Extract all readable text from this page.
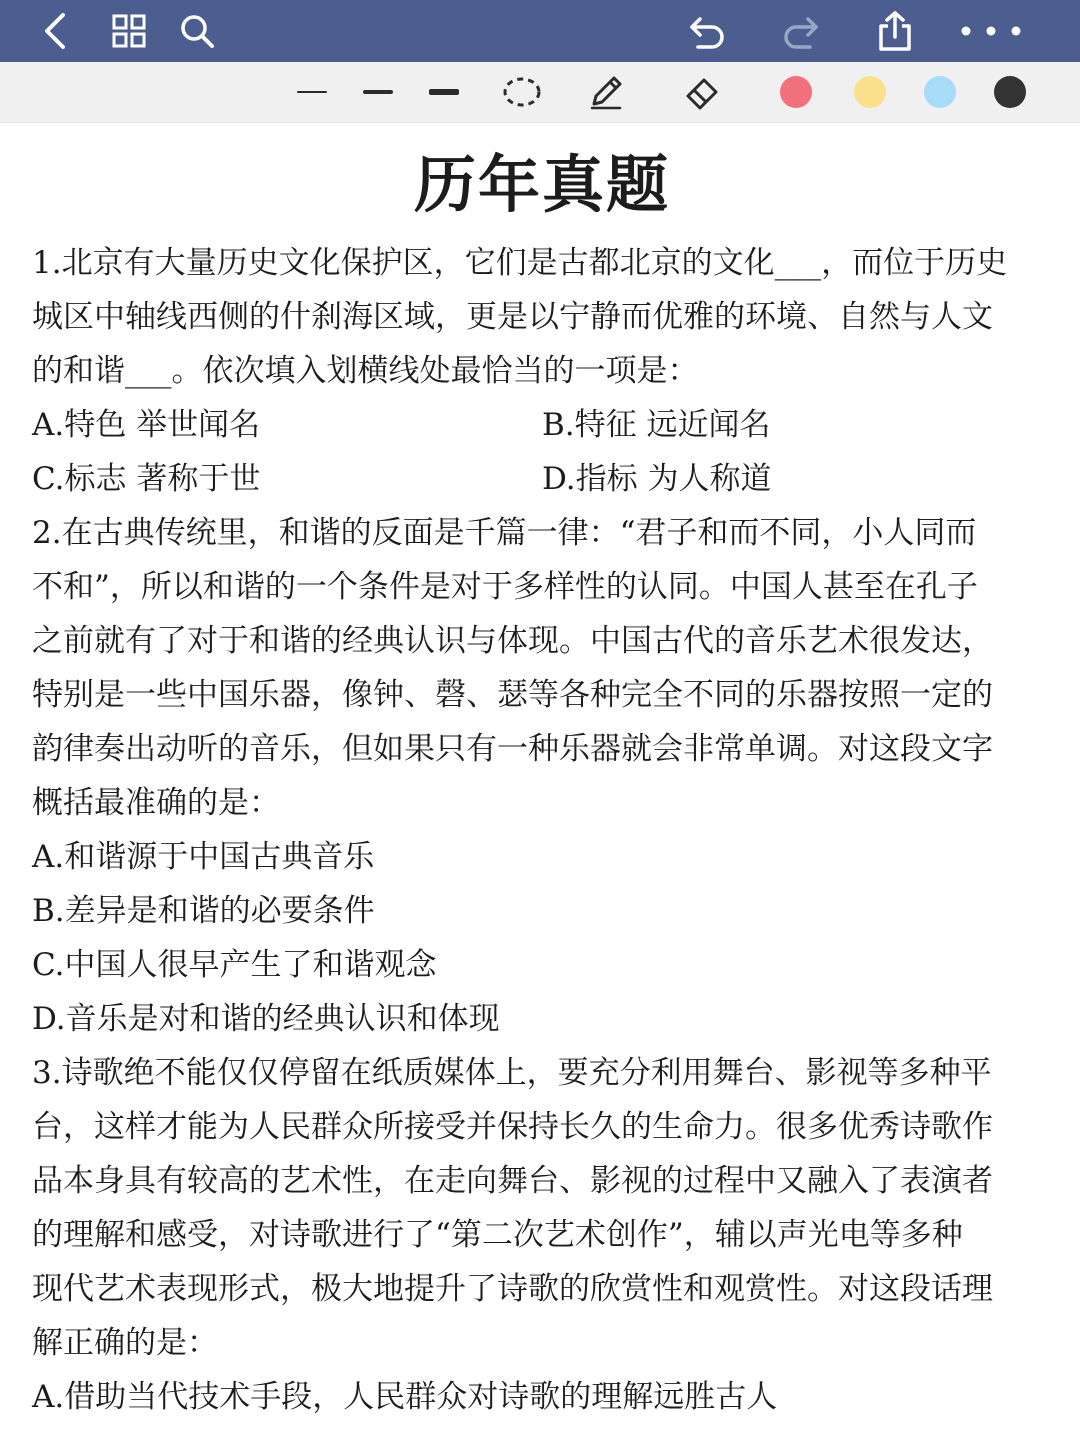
历年真题

1.北京有大量历史文化保护区，它们是古都北京的文化___，而位于历史

城区中轴线西侧的什刹海区域，更是以宁静而优雅的环境、自然与人文

的和谐___。依次填入划横线处最恰当的一项是：

A.特色 举世闻名	B.特征 远近闻名
C.标志 著称于世	D.指标 为人称道

2.在古典传统里，和谐的反面是千篇一律：“君子和而不同，小人同而

不和”，所以和谐的一个条件是对于多样性的认同。中国人甚至在孔子

之前就有了对于和谐的经典认识与体现。中国古代的音乐艺术很发达，

特别是一些中国乐器，像钟、磬、瑟等各种完全不同的乐器按照一定的

韵律奏出动听的音乐，但如果只有一种乐器就会非常单调。对这段文字

概括最准确的是：

A.和谐源于中国古典音乐

B.差异是和谐的必要条件

C.中国人很早产生了和谐观念

D.音乐是对和谐的经典认识和体现

3.诗歌绝不能仅仅停留在纸质媒体上，要充分利用舞台、影视等多种平

台，这样才能为人民群众所接受并保持长久的生命力。很多优秀诗歌作

品本身具有较高的艺术性，在走向舞台、影视的过程中又融入了表演者

的理解和感受，对诗歌进行了“第二次艺术创作”，辅以声光电等多种

现代艺术表现形式，极大地提升了诗歌的欣赏性和观赏性。对这段话理

解正确的是：

A.借助当代技术手段，人民群众对诗歌的理解远胜古人
